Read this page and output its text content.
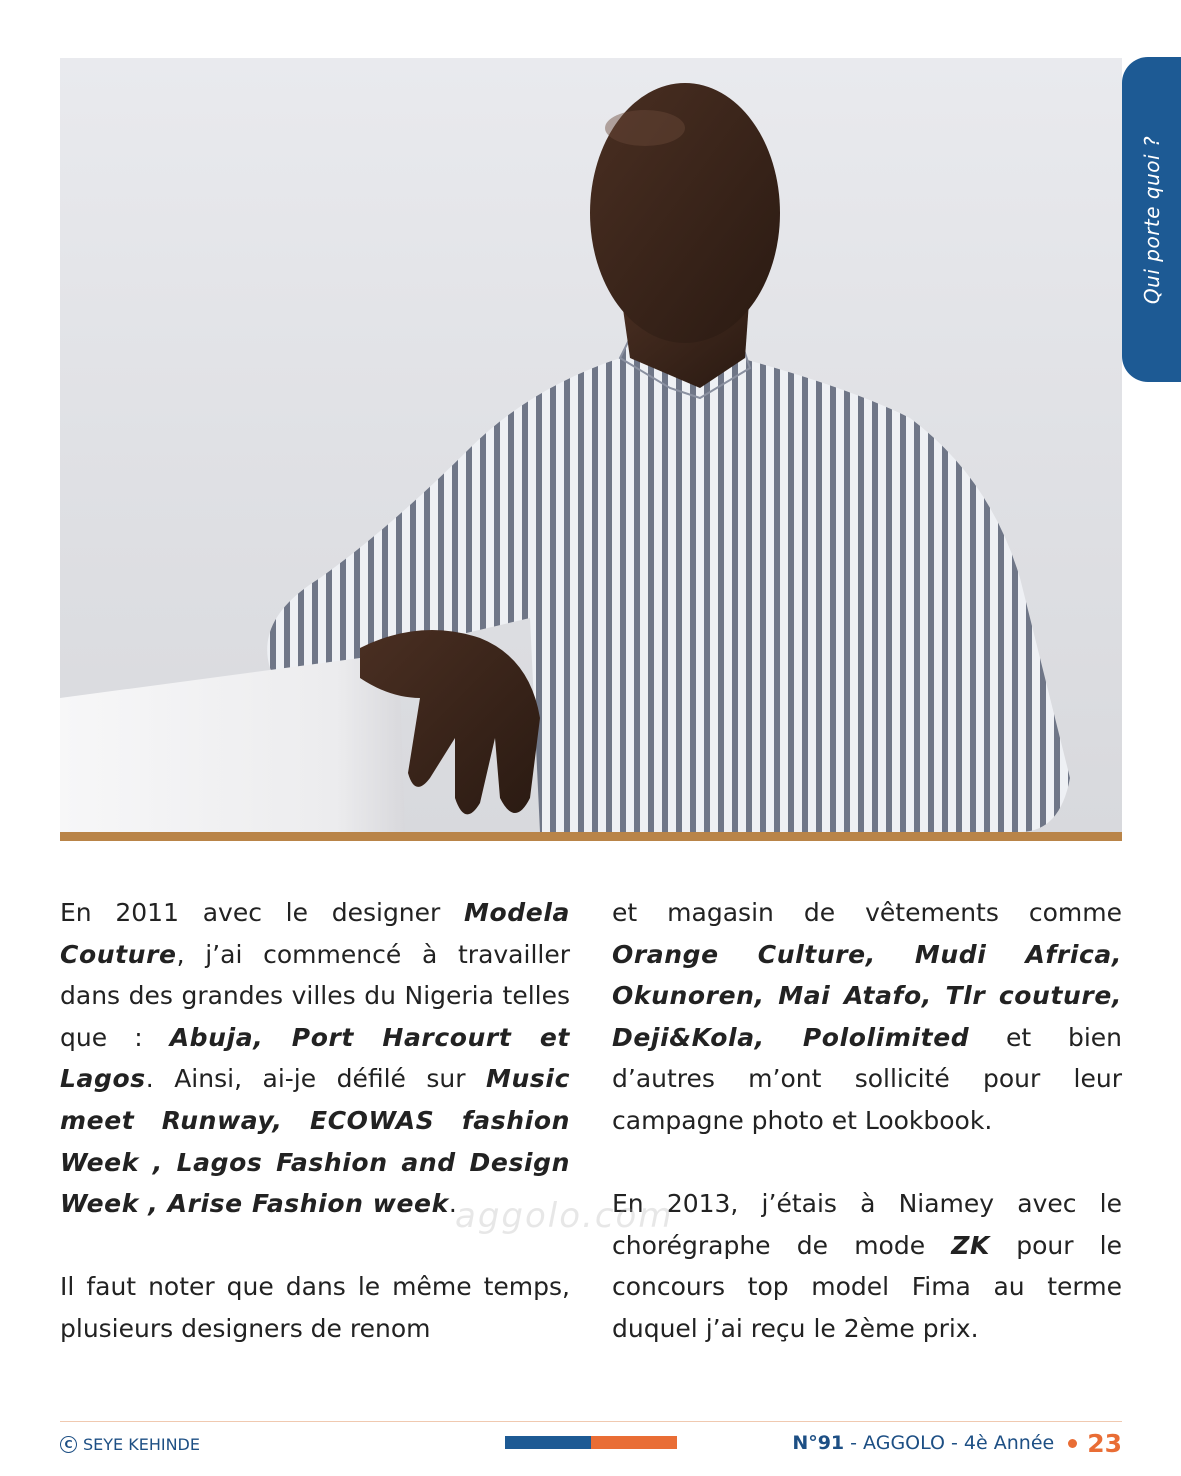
Qui porte quoi ?

En 2011 avec le designer Modela Couture, j’ai commencé à travailler dans des grandes villes du Nigeria telles que : Abuja, Port Harcourt et Lagos. Ainsi, ai-je défilé sur Music meet Runway, ECOWAS fashion Week , Lagos Fashion and Design Week , Arise Fashion week.

Il faut noter que dans le même temps, plusieurs designers de renom

et magasin de vêtements comme Orange Culture, Mudi Africa, Okunoren, Mai Atafo, Tlr couture, Deji&Kola, Pololimited et bien d’autres m’ont sollicité pour leur campagne photo et Lookbook.

En 2013, j’étais à Niamey avec le chorégraphe de mode ZK pour le concours top model Fima au terme duquel j’ai reçu le 2ème prix.

aggolo.com
C SEYE KEHINDE	N°91 - AGGOLO - 4è Année 23
